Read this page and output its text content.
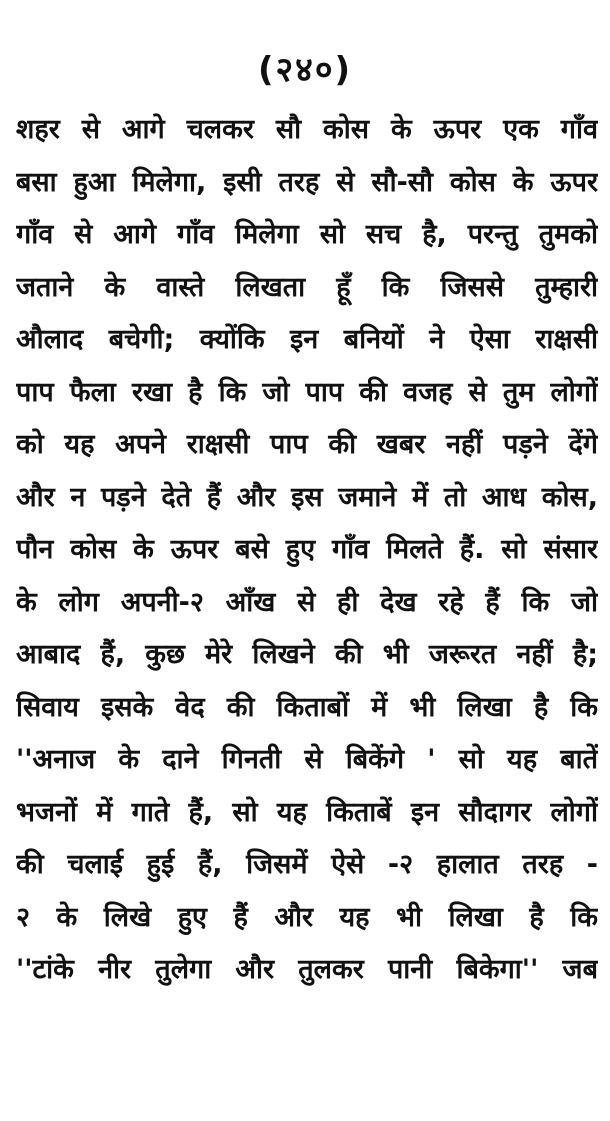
(२४०)
शहर से आगे चलकर सौ कोस के ऊपर एक गाँव
बसा हुआ मिलेगा, इसी तरह से सौ-सौ कोस के ऊपर
गाँव से आगे गाँव मिलेगा सो सच है, परन्तु तुमको
जताने के वास्ते लिखता हूँ कि जिससे तुम्हारी
औलाद बचेगी; क्योंकि इन बनियों ने ऐसा राक्षसी
पाप फैला रखा है कि जो पाप की वजह से तुम लोगों
को यह अपने राक्षसी पाप की खबर नहीं पड़ने देंगे
और न पड़ने देते हैं और इस जमाने में तो आध कोस,
पौन कोस के ऊपर बसे हुए गाँव मिलते हैं. सो संसार
के लोग अपनी-२ आँख से ही देख रहे हैं कि जो
आबाद हैं, कुछ मेरे लिखने की भी जरूरत नहीं है;
सिवाय इसके वेद की किताबों में भी लिखा है कि
''अनाज के दाने गिनती से बिकेंगे ' सो यह बातें
भजनों में गाते हैं, सो यह किताबें इन सौदागर लोगों
की चलाई हुई हैं, जिसमें ऐसे -२ हालात तरह -
२ के लिखे हुए हैं और यह भी लिखा है कि
''टांके नीर तुलेगा और तुलकर पानी बिकेगा'' जब
